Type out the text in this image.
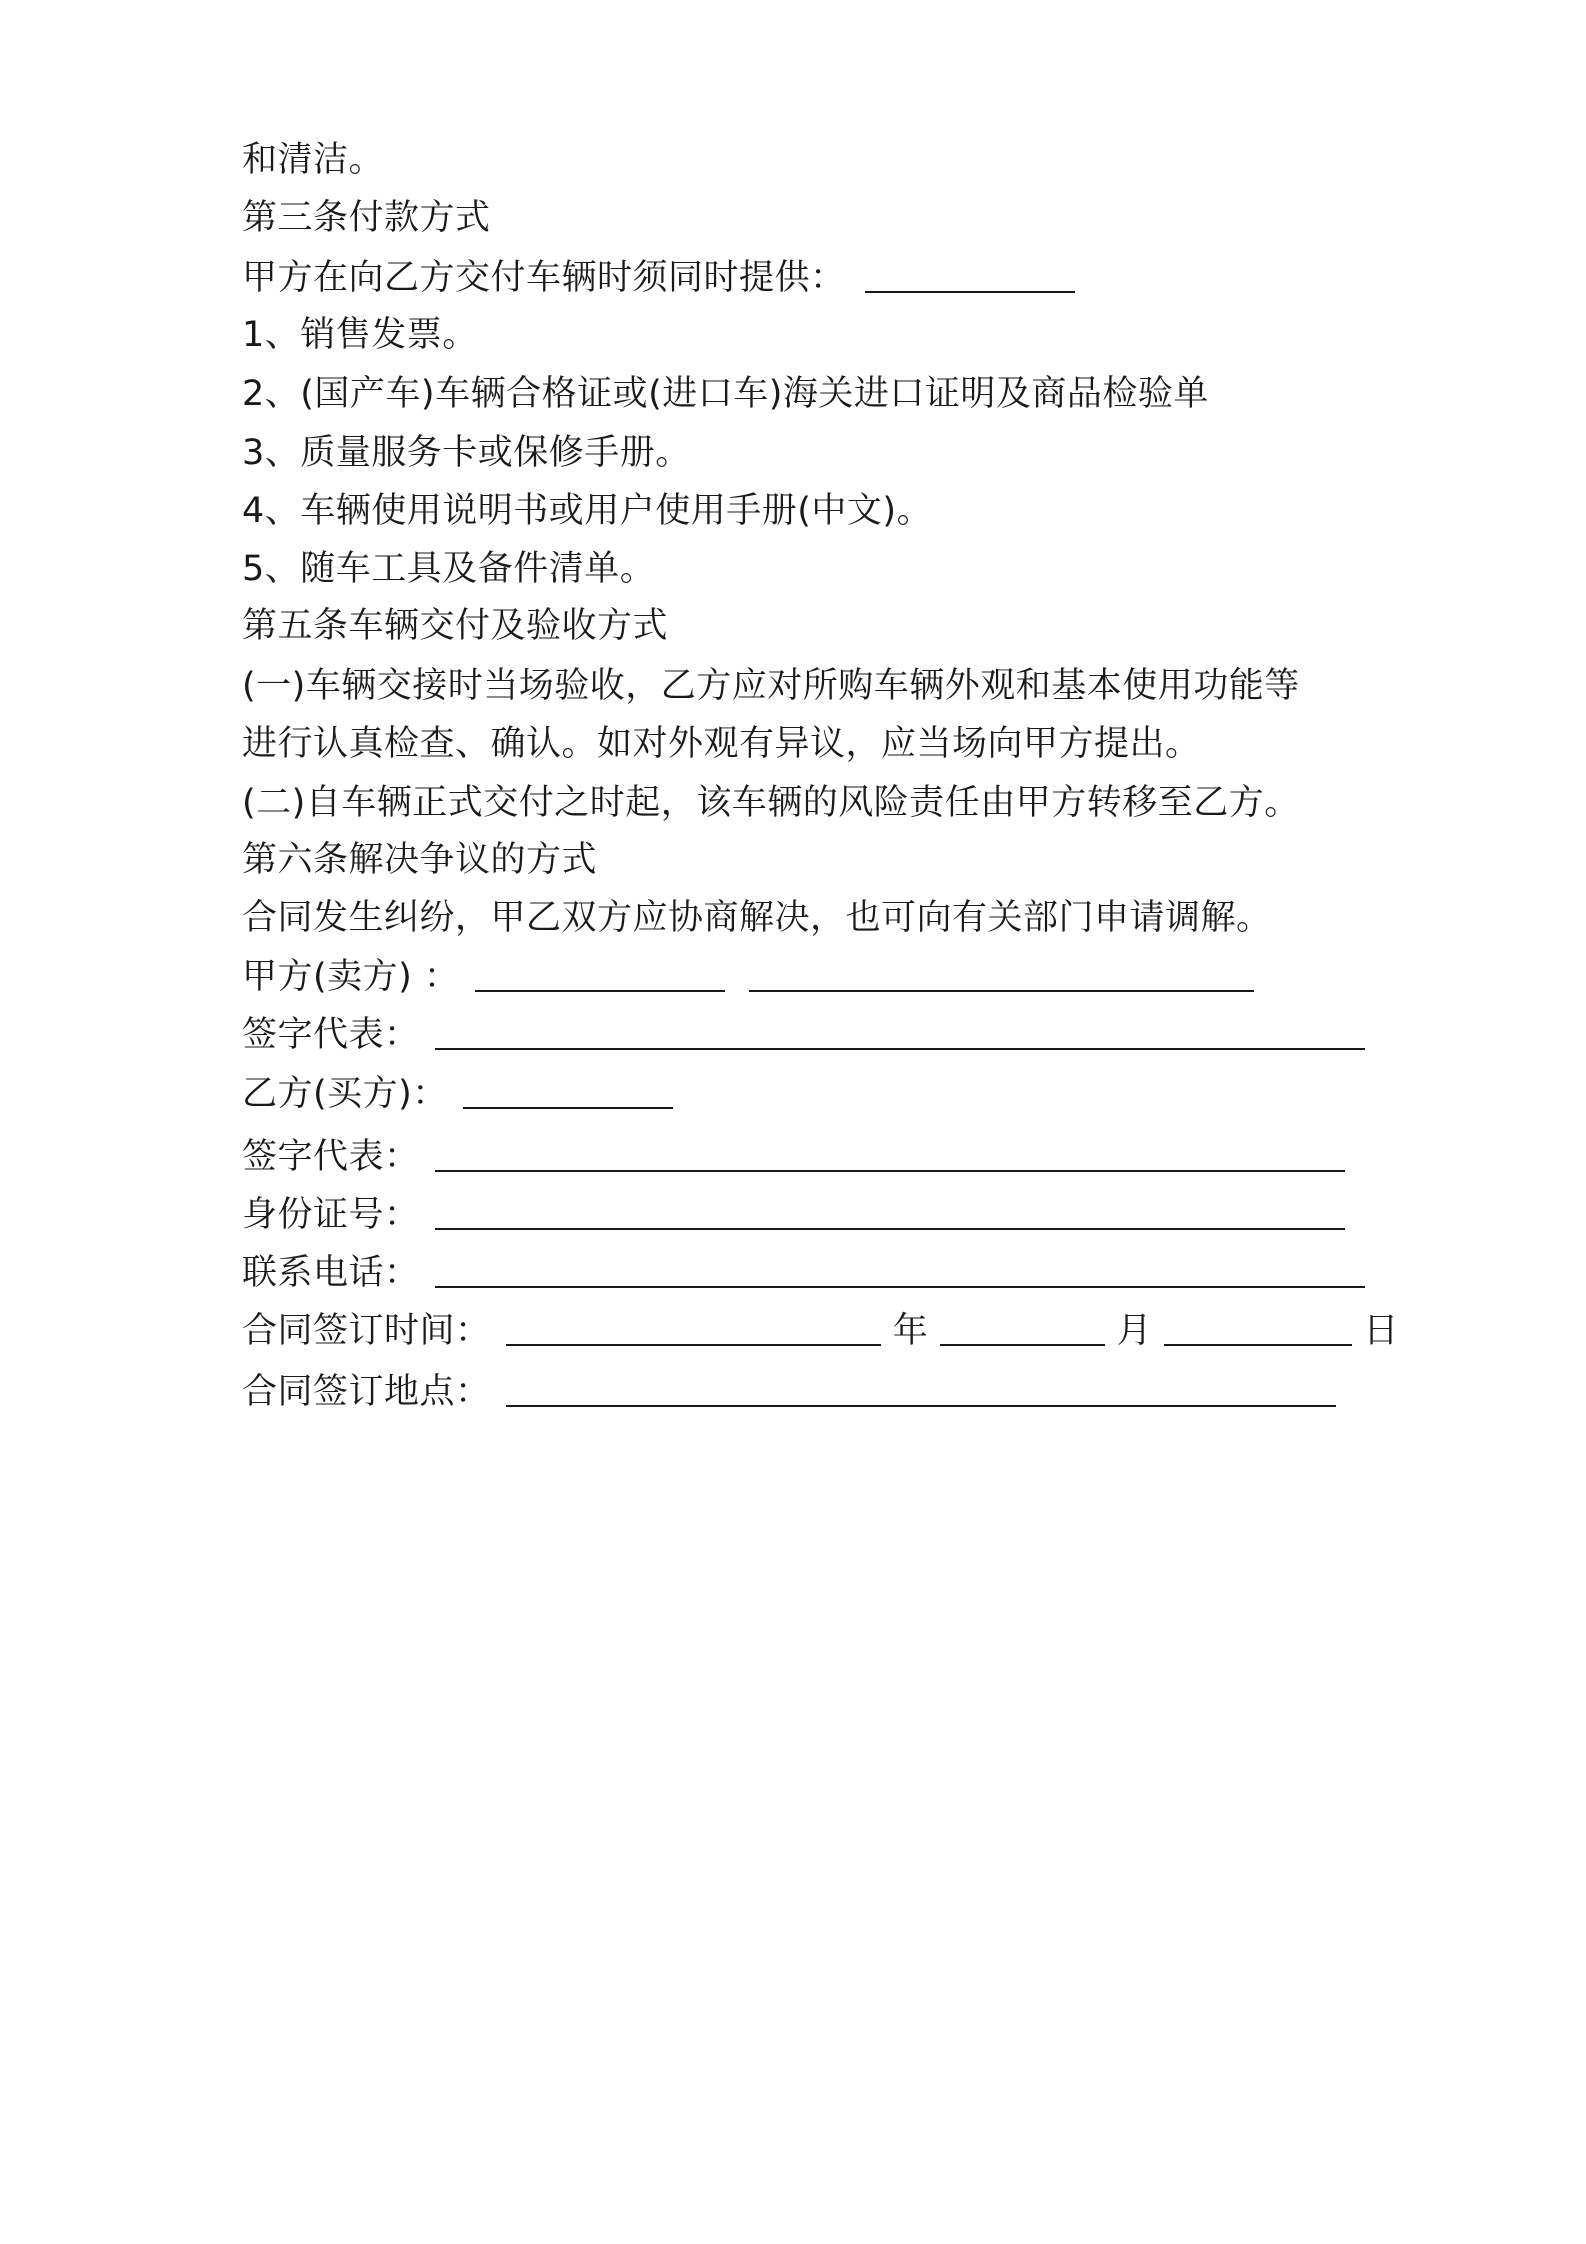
和清洁。
第三条付款方式
甲方在向乙方交付车辆时须同时提供：
1、销售发票。
2、(国产车)车辆合格证或(进口车)海关进口证明及商品检验单
3、质量服务卡或保修手册。
4、车辆使用说明书或用户使用手册(中文)。
5、随车工具及备件清单。
第五条车辆交付及验收方式
(一)车辆交接时当场验收，乙方应对所购车辆外观和基本使用功能等
进行认真检查、确认。如对外观有异议，应当场向甲方提出。
(二)自车辆正式交付之时起，该车辆的风险责任由甲方转移至乙方。
第六条解决争议的方式
合同发生纠纷，甲乙双方应协商解决，也可向有关部门申请调解。
甲方(卖方) ：
签字代表：
乙方(买方)：
签字代表：
身份证号：
联系电话：
合同签订时间：	年	月	日
合同签订地点：
